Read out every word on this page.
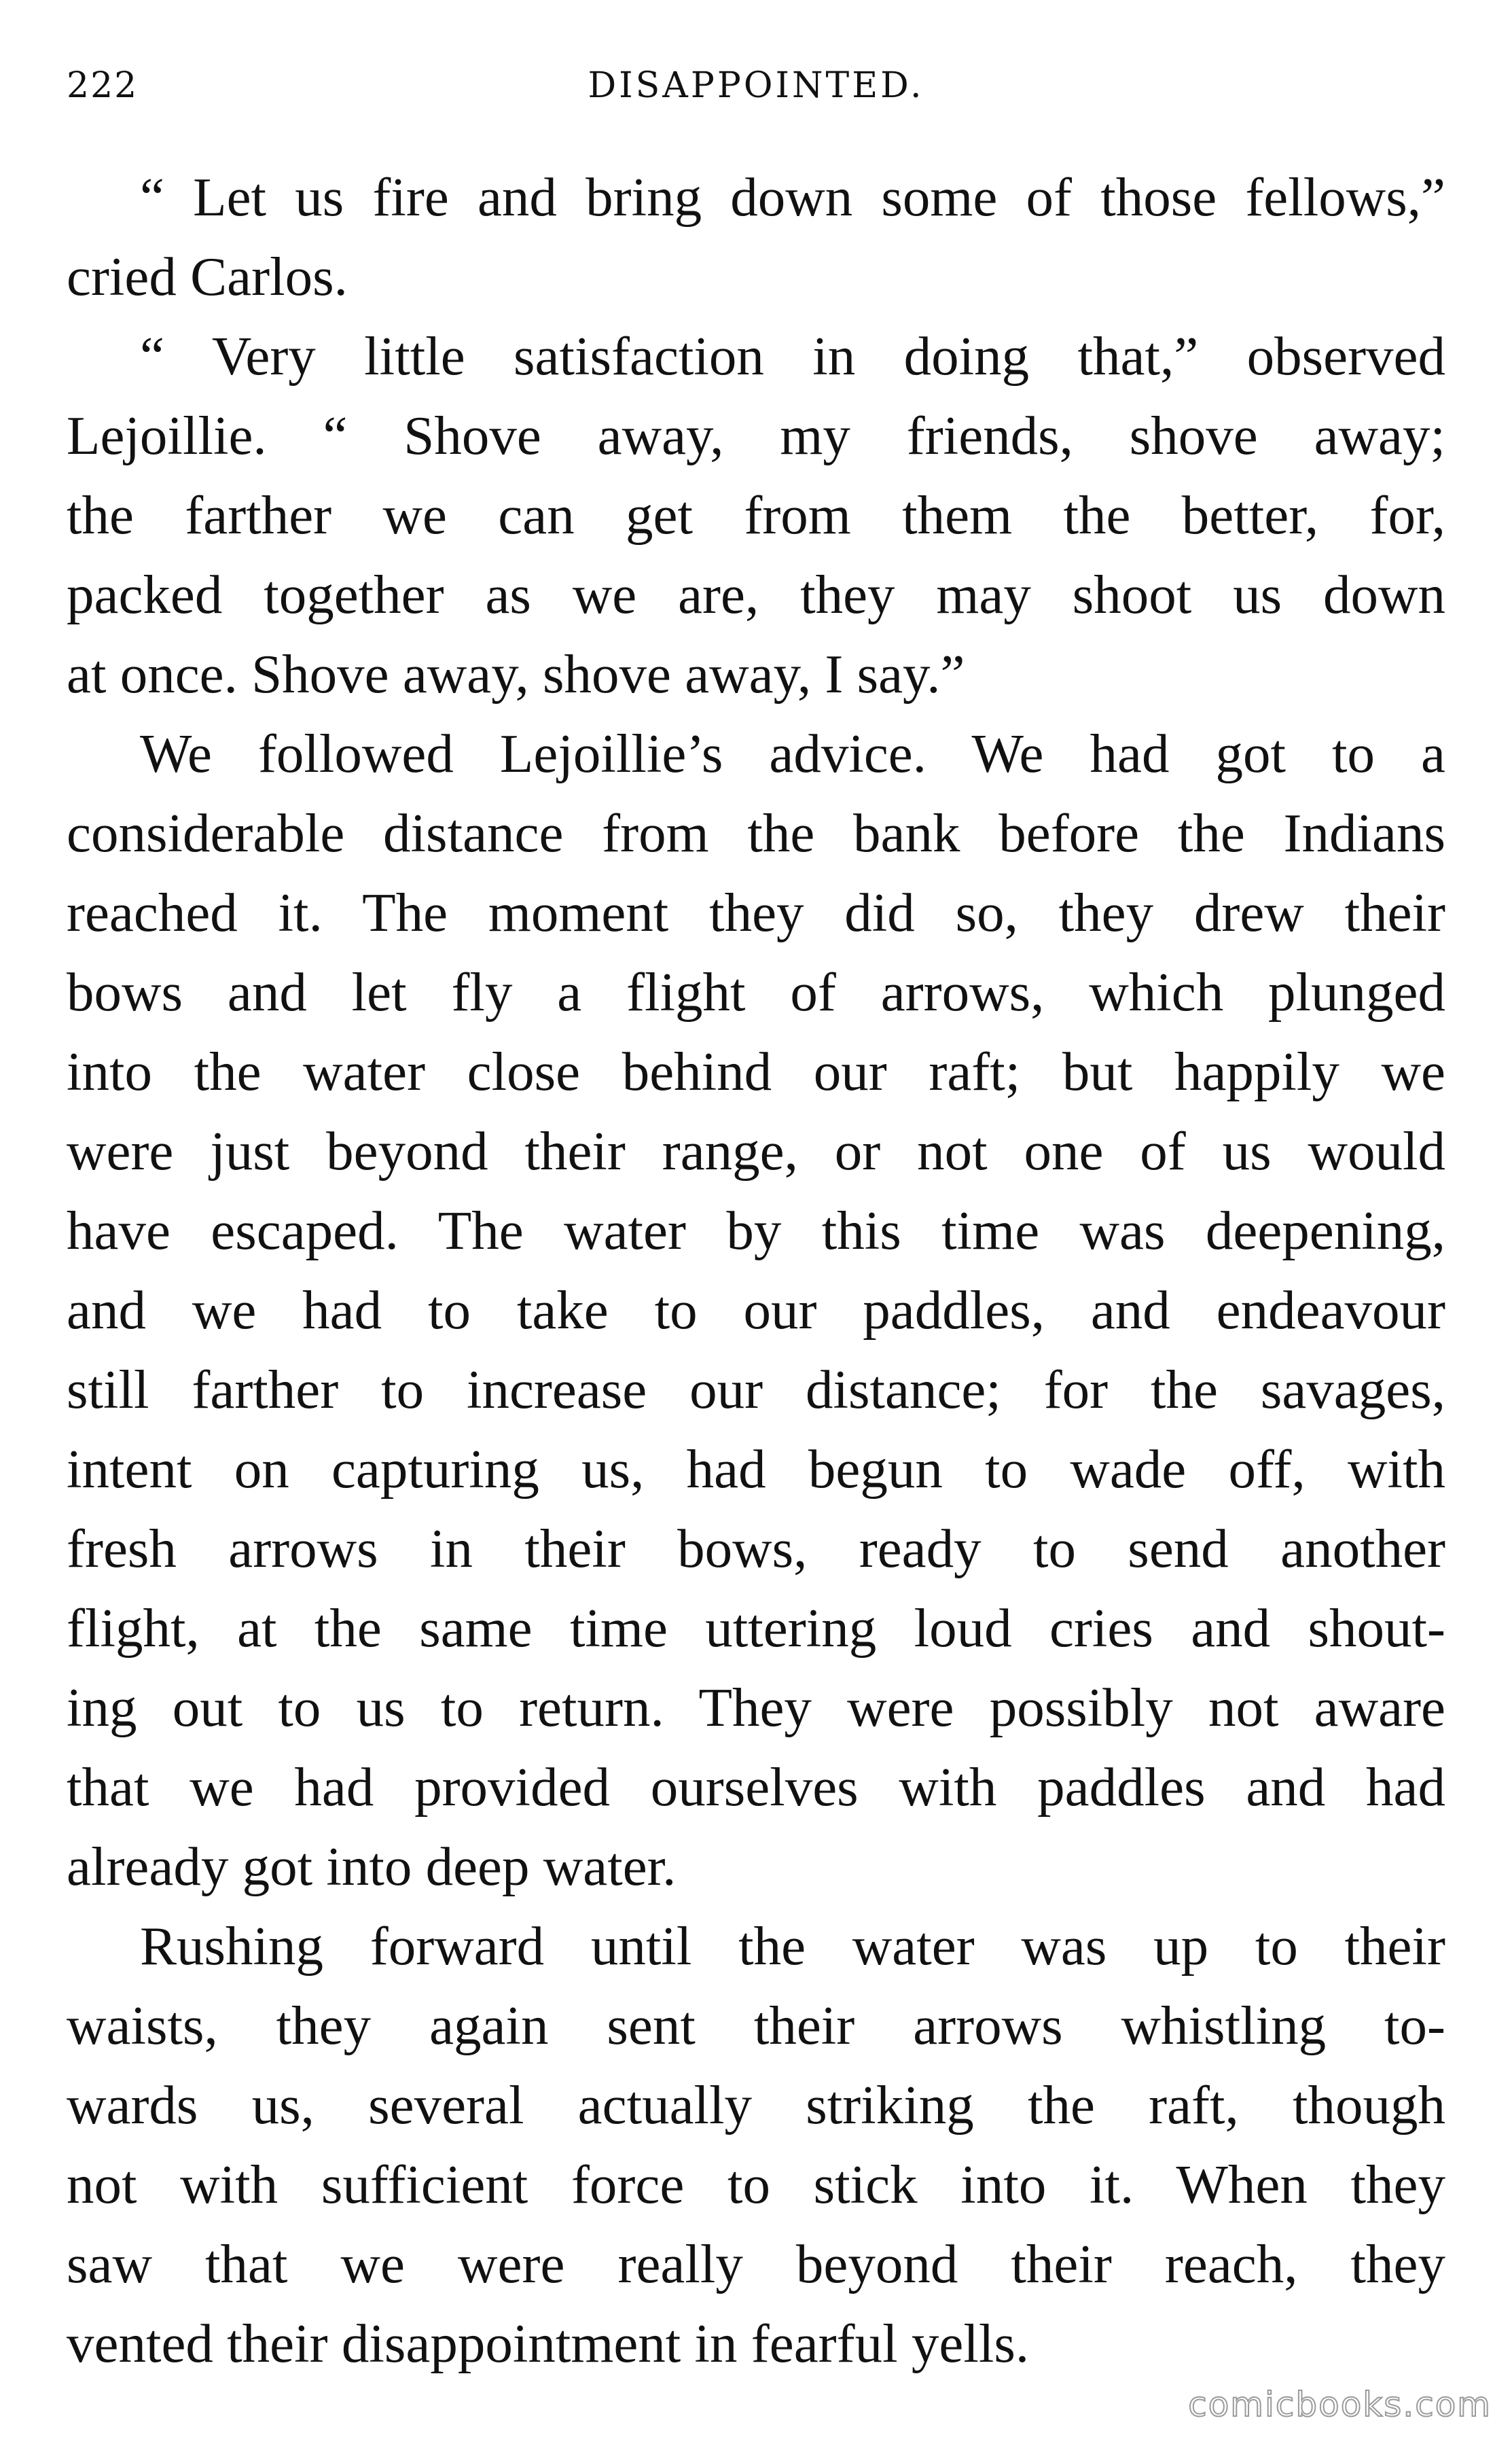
222	DISAPPOINTED.

“ Let us fire and bring down some of those fellows,”
cried Carlos.

“ Very little satisfaction in doing that,” observed
Lejoillie. “ Shove away, my friends, shove away;
the farther we can get from them the better, for,
packed together as we are, they may shoot us down
at once. Shove away, shove away, I say.”

We followed Lejoillie’s advice. We had got to a
considerable distance from the bank before the Indians
reached it. The moment they did so, they drew their
bows and let fly a flight of arrows, which plunged
into the water close behind our raft; but happily we
were just beyond their range, or not one of us would
have escaped. The water by this time was deepening,
and we had to take to our paddles, and endeavour
still farther to increase our distance; for the savages,
intent on capturing us, had begun to wade off, with
fresh arrows in their bows, ready to send another
flight, at the same time uttering loud cries and shout-
ing out to us to return. They were possibly not aware
that we had provided ourselves with paddles and had
already got into deep water.

Rushing forward until the water was up to their
waists, they again sent their arrows whistling to-
wards us, several actually striking the raft, though
not with sufficient force to stick into it. When they
saw that we were really beyond their reach, they
vented their disappointment in fearful yells.

comicbooks.com
